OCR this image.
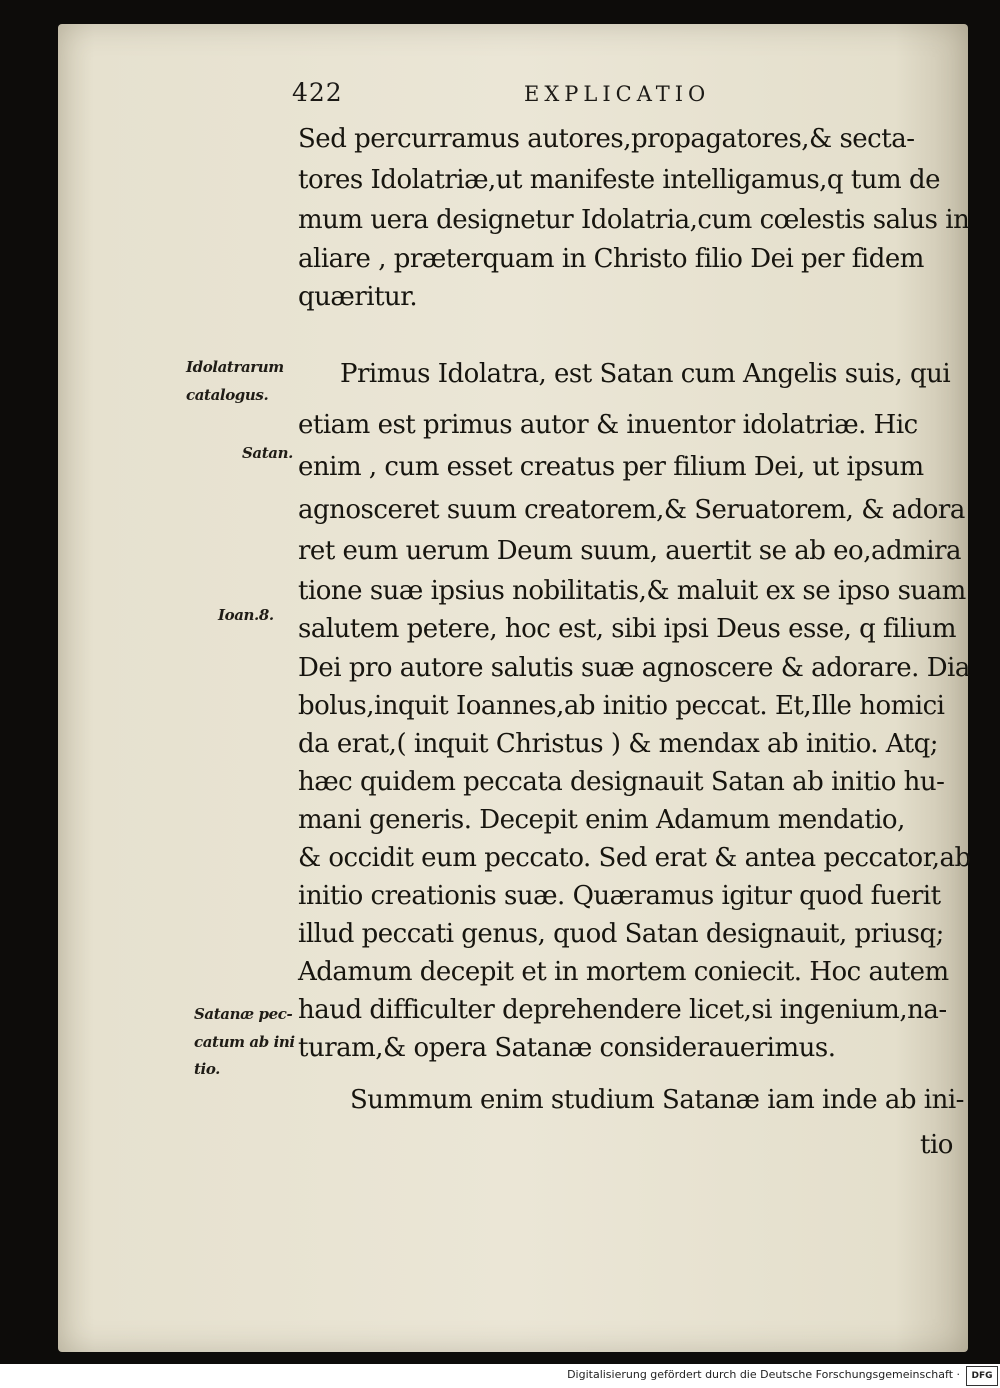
422	EXPLICATIO
Idolatrarum
catalogus.
Satan.
Ioan.8.
Satanæ pec-
catum ab ini
tio.
Sed percurramus autores,propagatores,& secta-
tores Idolatriæ,ut manifeste intelligamus,q tum de
mum uera designetur Idolatria,cum cœlestis salus in
aliare , præterquam in Christo filio Dei per fidem
quæritur.
Primus Idolatra, est Satan cum Angelis suis, qui
etiam est primus autor & inuentor idolatriæ. Hic
enim , cum esset creatus per filium Dei, ut ipsum
agnosceret suum creatorem,& Seruatorem, & adora
ret eum uerum Deum suum, auertit se ab eo,admira
tione suæ ipsius nobilitatis,& maluit ex se ipso suam
salutem petere, hoc est, sibi ipsi Deus esse, q filium
Dei pro autore salutis suæ agnoscere & adorare. Dia
bolus,inquit Ioannes,ab initio peccat. Et,Ille homici
da erat,( inquit Christus ) & mendax ab initio. Atq;
hæc quidem peccata designauit Satan ab initio hu-
mani generis. Decepit enim Adamum mendatio,
& occidit eum peccato. Sed erat & antea peccator,ab
initio creationis suæ. Quæramus igitur quod fuerit
illud peccati genus, quod Satan designauit, priusq;
Adamum decepit et in mortem coniecit. Hoc autem
haud difficulter deprehendere licet,si ingenium,na-
turam,& opera Satanæ considerauerimus.
Summum enim studium Satanæ iam inde ab ini-
tio
Digitalisierung gefördert durch die Deutsche Forschungsgemeinschaft ·	DFG
